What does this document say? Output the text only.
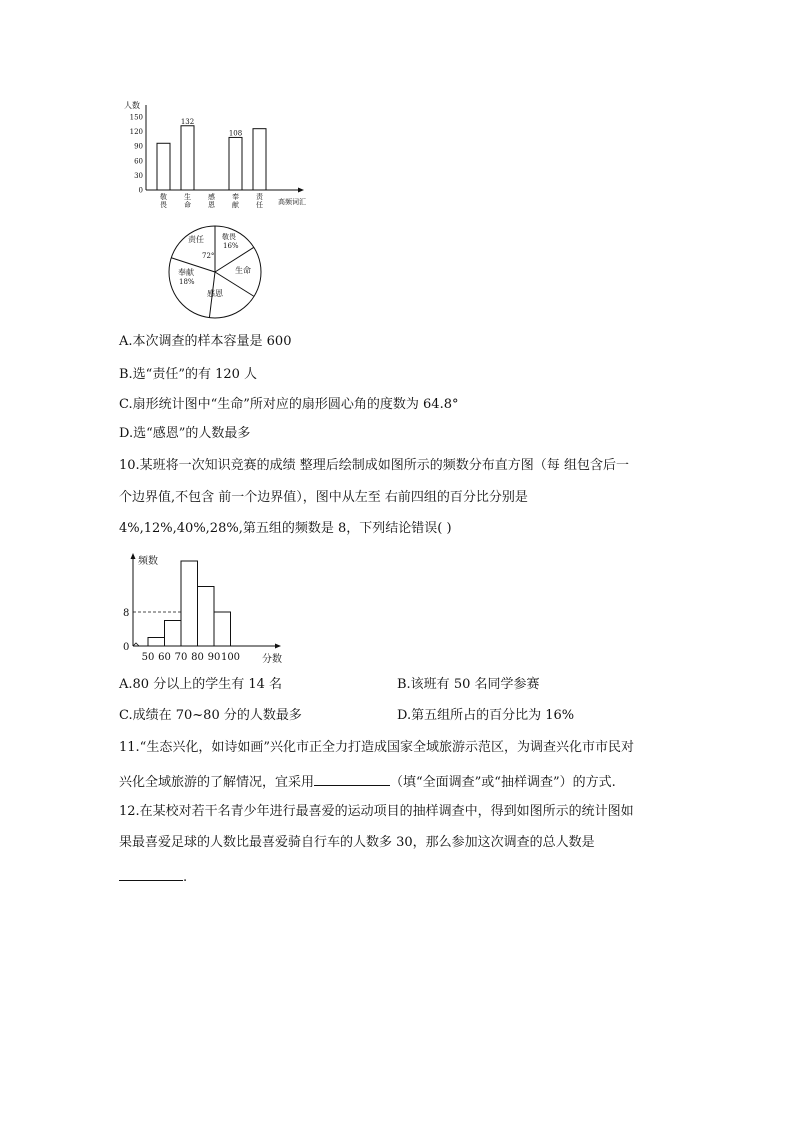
人数
0
30
60
90
120
150
132
108
敬
畏
生
命
感
恩
奉
献
责
任 高频词汇
责任	敬畏
16%
72°
生命
奉献
18%
感恩
A.本次调查的样本容量是 600
B.选“责任”的有 120 人
C.扇形统计图中“生命”所对应的扇形圆心角的度数为 64.8°
D.选“感恩”的人数最多
10.某班将一次知识竞赛的成绩 整理后绘制成如图所示的频数分布直方图（每 组包含后一
个边界值,不包含 前一个边界值），图中从左至 右前四组的百分比分别是
4%,12%,40%,28%,第五组的频数是 8，下列结论错误( )
频数
0
8
50 60 70 80 90 100 分数
A.80 分以上的学生有 14 名	B.该班有 50 名同学参赛
C.成绩在 70~80 分的人数最多	D.第五组所占的百分比为 16%
11.“生态兴化，如诗如画”兴化市正全力打造成国家全域旅游示范区，为调查兴化市市民对
兴化全域旅游的了解情况，宜采用	（填“全面调查”或“抽样调查”）的方式.
12.在某校对若干名青少年进行最喜爱的运动项目的抽样调查中，得到如图所示的统计图如
果最喜爱足球的人数比最喜爱骑自行车的人数多 30，那么参加这次调查的总人数是
.
